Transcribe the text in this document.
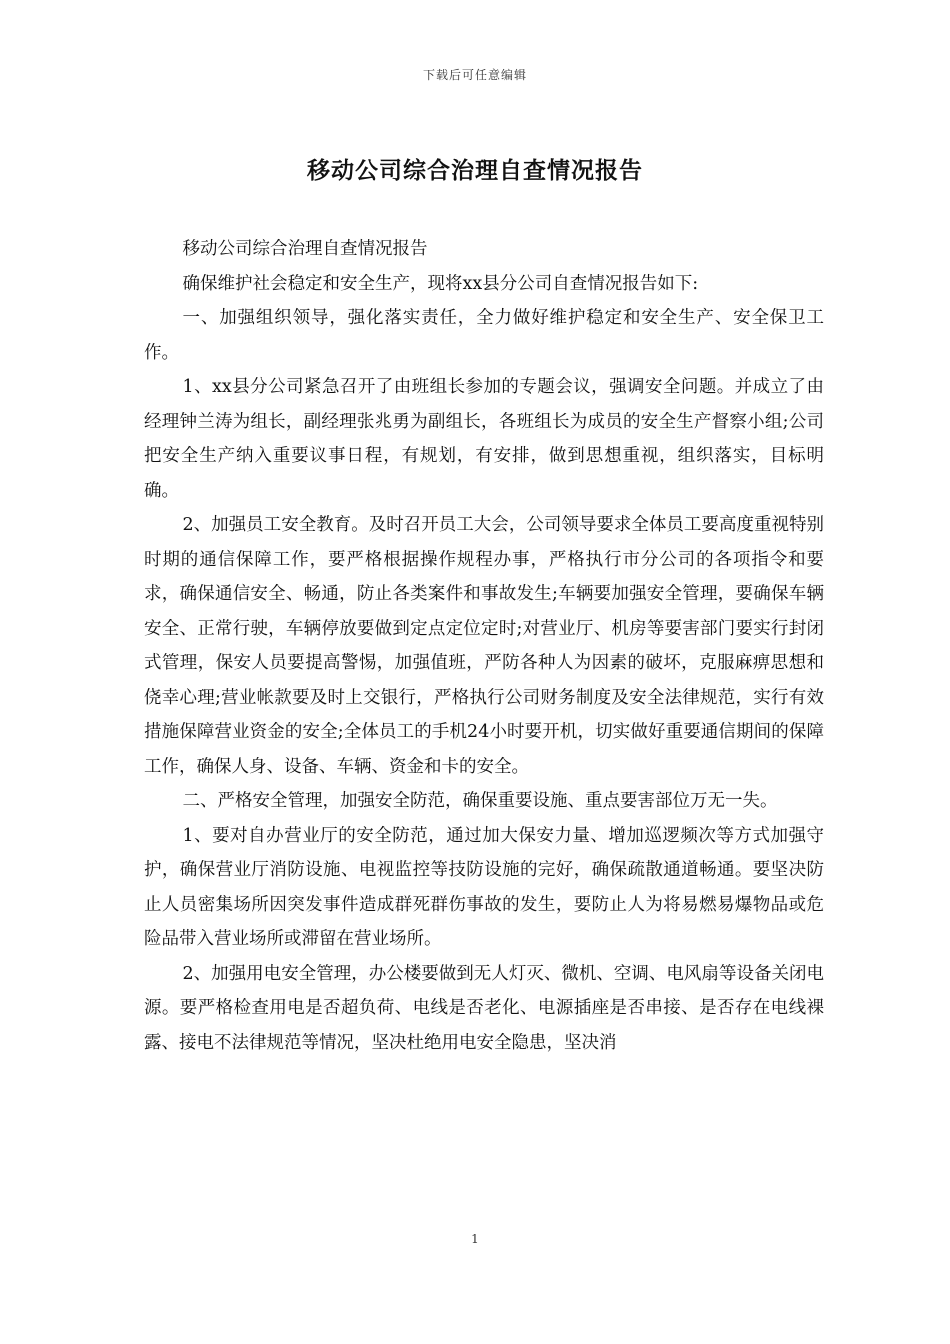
下载后可任意编辑
移动公司综合治理自查情况报告

移动公司综合治理自查情况报告

确保维护社会稳定和安全生产，现将xx县分公司自查情况报告如下:

一、加强组织领导，强化落实责任，全力做好维护稳定和安全生产、安全保卫工作。

1、xx县分公司紧急召开了由班组长参加的专题会议，强调安全问题。并成立了由经理钟兰涛为组长，副经理张兆勇为副组长，各班组长为成员的安全生产督察小组;公司把安全生产纳入重要议事日程，有规划，有安排，做到思想重视，组织落实，目标明确。

2、加强员工安全教育。及时召开员工大会，公司领导要求全体员工要高度重视特别时期的通信保障工作，要严格根据操作规程办事，严格执行市分公司的各项指令和要求，确保通信安全、畅通，防止各类案件和事故发生;车辆要加强安全管理，要确保车辆安全、正常行驶，车辆停放要做到定点定位定时;对营业厅、机房等要害部门要实行封闭式管理，保安人员要提高警惕，加强值班，严防各种人为因素的破坏，克服麻痹思想和侥幸心理;营业帐款要及时上交银行，严格执行公司财务制度及安全法律规范，实行有效措施保障营业资金的安全;全体员工的手机24小时要开机，切实做好重要通信期间的保障工作，确保人身、设备、车辆、资金和卡的安全。

二、严格安全管理，加强安全防范，确保重要设施、重点要害部位万无一失。

1、要对自办营业厅的安全防范，通过加大保安力量、增加巡逻频次等方式加强守护，确保营业厅消防设施、电视监控等技防设施的完好，确保疏散通道畅通。要坚决防止人员密集场所因突发事件造成群死群伤事故的发生，要防止人为将易燃易爆物品或危险品带入营业场所或滞留在营业场所。

2、加强用电安全管理，办公楼要做到无人灯灭、微机、空调、电风扇等设备关闭电源。要严格检查用电是否超负荷、电线是否老化、电源插座是否串接、是否存在电线裸露、接电不法律规范等情况，坚决杜绝用电安全隐患，坚决消

1
